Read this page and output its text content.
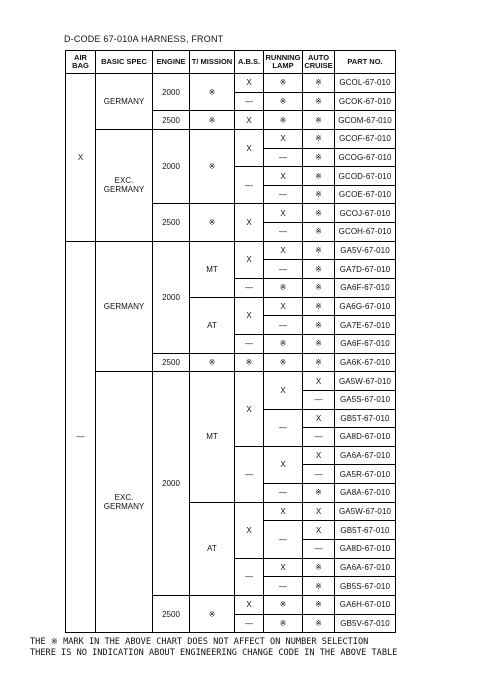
D-CODE 67-010A HARNESS, FRONT
AIR BAG	BASIC SPEC	ENGINE	T/ MISSION	A.B.S.	RUNNING LAMP	AUTO CRUISE	PART NO.
X	GERMANY	2000	※	X	※	※	GCOL-67-010
				—	※	※	GCOK-67-010
		2500	※	X	※	※	GCOM-67-010
	EXC. GERMANY	2000	※	X	X	※	GCOF-67-010
					—	※	GCOG-67-010
				—	X	※	GCOD-67-010
					—	※	GCOE-67-010
		2500	※	X	X	※	GCOJ-67-010
					—	※	GCOH-67-010
—	GERMANY	2000	MT	X	X	※	GA5V-67-010
					—	※	GA7D-67-010
				—	※	※	GA6F-67-010
			AT	X	X	※	GA6G-67-010
					—	※	GA7E-67-010
				—	※	※	GA6F-67-010
		2500	※	※	※	※	GA6K-67-010
	EXC. GERMANY	2000	MT	X	X	X	GA5W-67-010
						—	GA5S-67-010
					—	X	GB5T-67-010
						—	GA8D-67-010
				—	X	X	GA6A-67-010
						—	GA5R-67-010
					—	※	GA8A-67-010
			AT	X	X	X	GA5W-67-010
					—	X	GB5T-67-010
						—	GA8D-67-010
				—	X	※	GA6A-67-010
					—	※	GB5S-67-010
		2500	※	X	※	※	GA6H-67-010
				—	※	※	GB5V-67-010
THE ※ MARK IN THE ABOVE CHART DOES NOT AFFECT ON NUMBER SELECTION
THERE IS NO INDICATION ABOUT ENGINEERING CHANGE CODE IN THE ABOVE TABLE
